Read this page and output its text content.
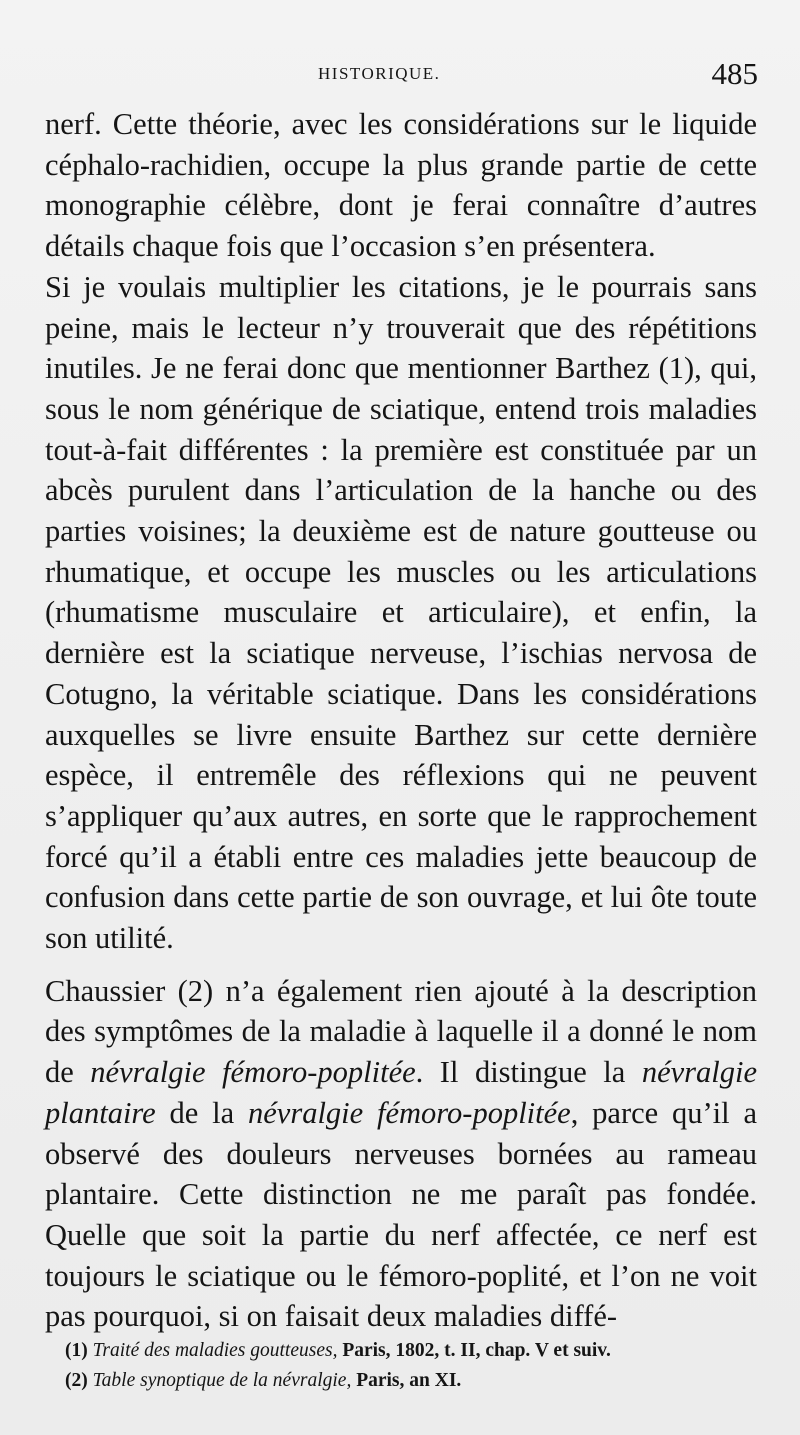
HISTORIQUE.	485

nerf. Cette théorie, avec les considérations sur le liquide céphalo-rachidien, occupe la plus grande partie de cette monographie célèbre, dont je ferai connaître d’autres détails chaque fois que l’occasion s’en présentera.

Si je voulais multiplier les citations, je le pourrais sans peine, mais le lecteur n’y trouverait que des répétitions inutiles. Je ne ferai donc que mentionner Barthez (1), qui, sous le nom générique de sciatique, entend trois maladies tout-à-fait différentes : la première est constituée par un abcès purulent dans l’articulation de la hanche ou des parties voisines; la deuxième est de nature goutteuse ou rhumatique, et occupe les muscles ou les articulations (rhumatisme musculaire et articulaire), et enfin, la dernière est la sciatique nerveuse, l’ischias nervosa de Cotugno, la véritable sciatique. Dans les considérations auxquelles se livre ensuite Barthez sur cette dernière espèce, il entremêle des réflexions qui ne peuvent s’appliquer qu’aux autres, en sorte que le rapprochement forcé qu’il a établi entre ces maladies jette beaucoup de confusion dans cette partie de son ouvrage, et lui ôte toute son utilité.

Chaussier (2) n’a également rien ajouté à la description des symptômes de la maladie à laquelle il a donné le nom de névralgie fémoro-poplitée. Il distingue la névralgie plantaire de la névralgie fémoro-poplitée, parce qu’il a observé des douleurs nerveuses bornées au rameau plantaire. Cette distinction ne me paraît pas fondée. Quelle que soit la partie du nerf affectée, ce nerf est toujours le sciatique ou le fémoro-poplité, et l’on ne voit pas pourquoi, si on faisait deux maladies diffé-

(1) Traité des maladies goutteuses, Paris, 1802, t. II, chap. V et suiv.

(2) Table synoptique de la névralgie, Paris, an XI.
